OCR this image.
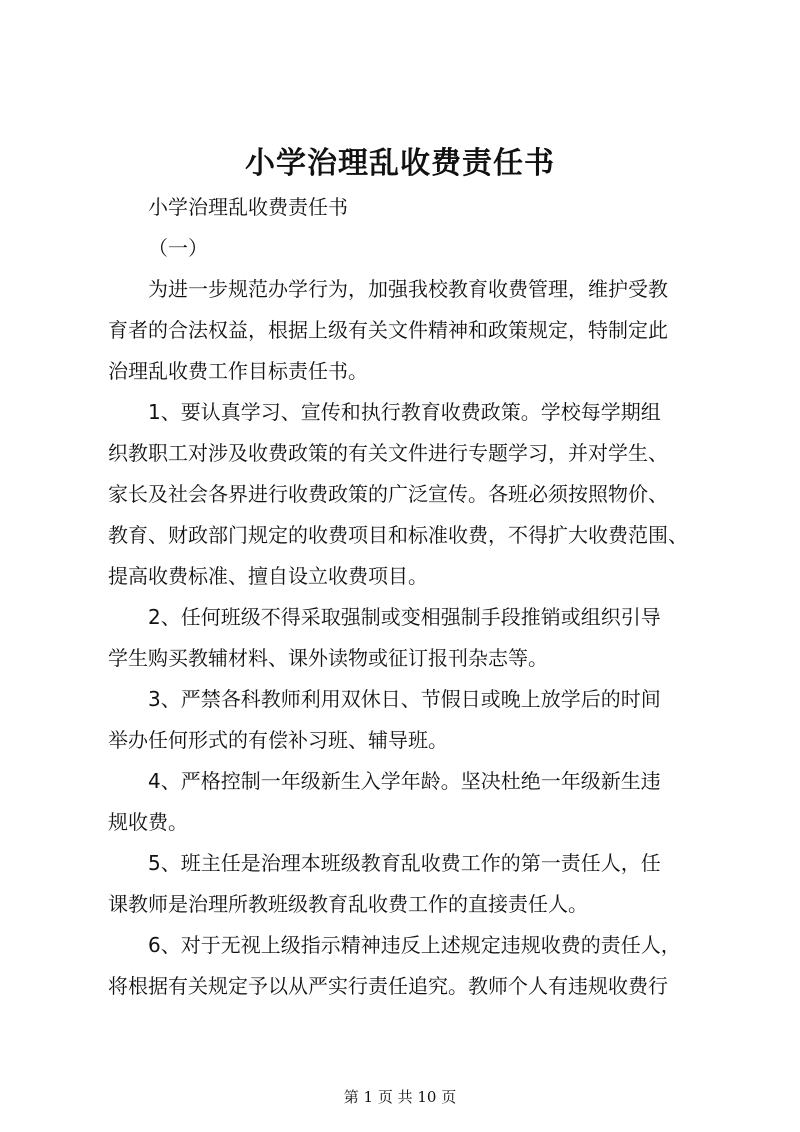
小学治理乱收费责任书

小学治理乱收费责任书

（一）

为进一步规范办学行为，加强我校教育收费管理，维护受教
育者的合法权益，根据上级有关文件精神和政策规定，特制定此
治理乱收费工作目标责任书。

1、要认真学习、宣传和执行教育收费政策。学校每学期组
织教职工对涉及收费政策的有关文件进行专题学习，并对学生、
家长及社会各界进行收费政策的广泛宣传。各班必须按照物价、
教育、财政部门规定的收费项目和标准收费，不得扩大收费范围、
提高收费标准、擅自设立收费项目。

2、任何班级不得采取强制或变相强制手段推销或组织引导
学生购买教辅材料、课外读物或征订报刊杂志等。

3、严禁各科教师利用双休日、节假日或晚上放学后的时间
举办任何形式的有偿补习班、辅导班。

4、严格控制一年级新生入学年龄。坚决杜绝一年级新生违
规收费。

5、班主任是治理本班级教育乱收费工作的第一责任人，任
课教师是治理所教班级教育乱收费工作的直接责任人。

6、对于无视上级指示精神违反上述规定违规收费的责任人，
将根据有关规定予以从严实行责任追究。教师个人有违规收费行

第 1 页 共 10 页
